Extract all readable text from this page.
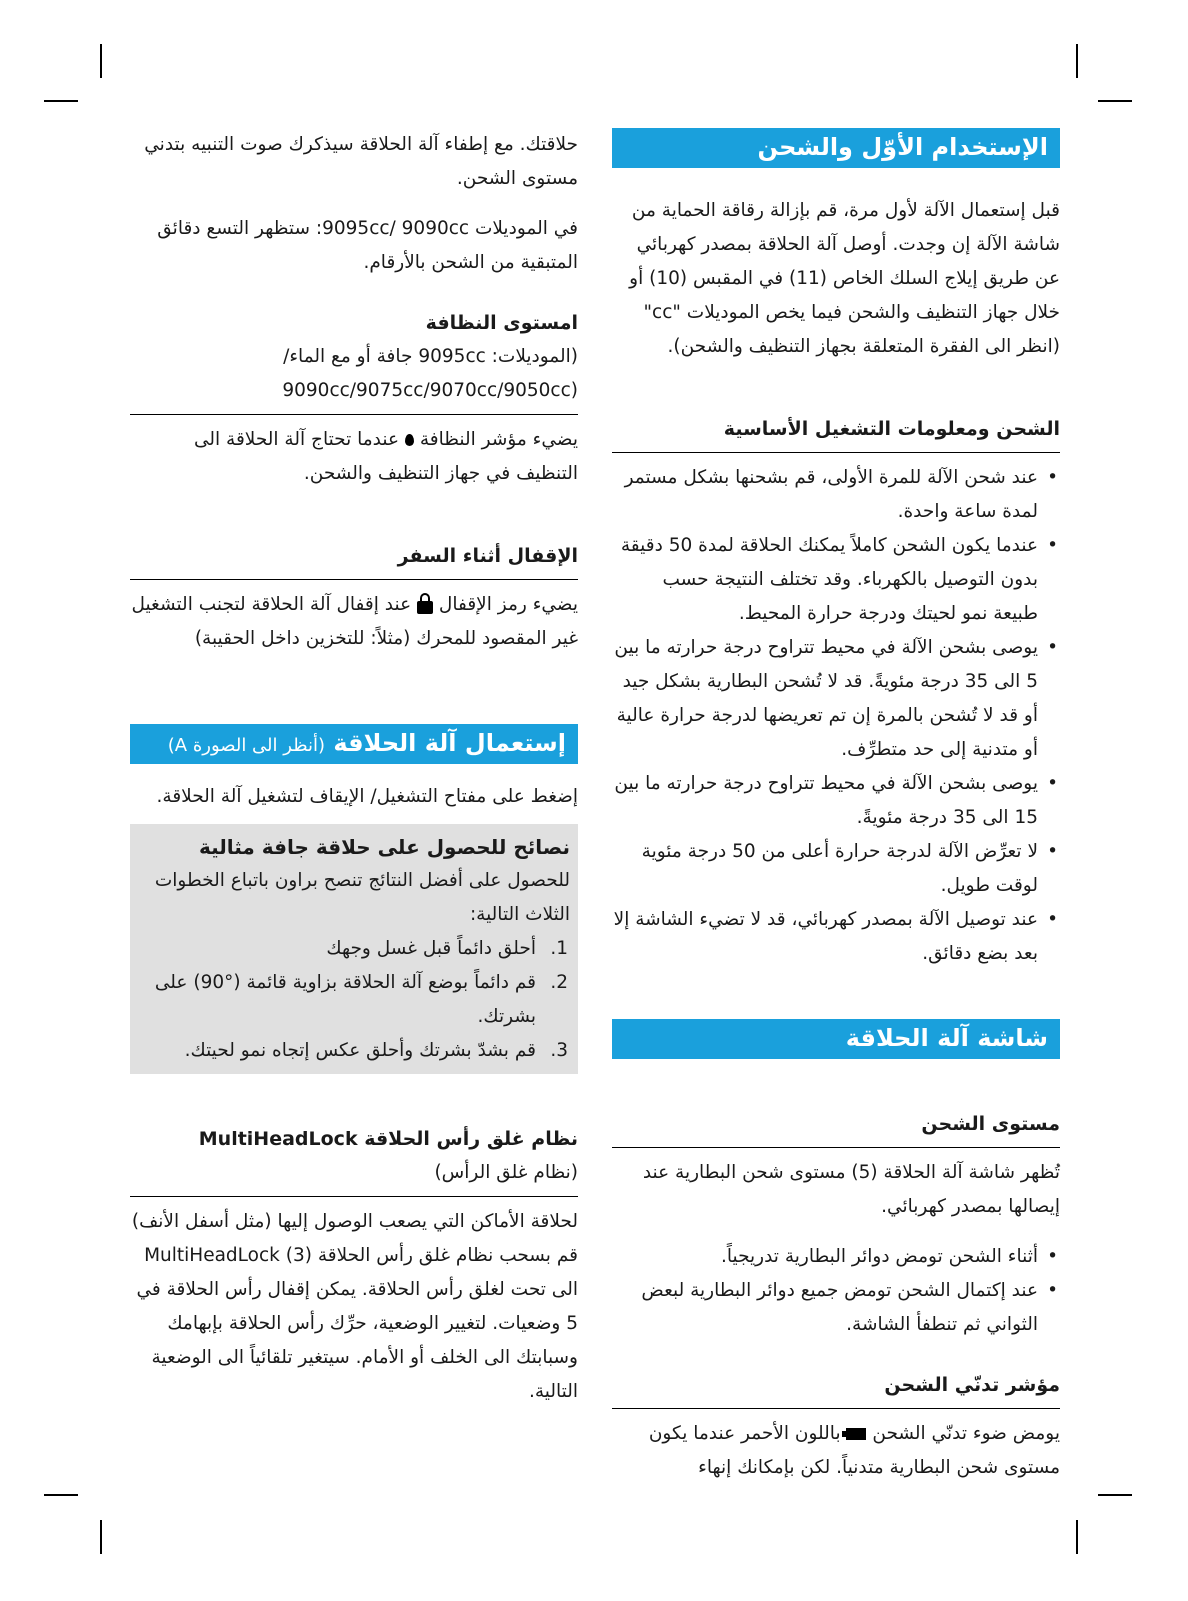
الإستخدام الأوّل والشحن

قبل إستعمال الآلة لأول مرة، قم بإزالة رقاقة الحماية من شاشة الآلة إن وجدت. أوصل آلة الحلاقة بمصدر كهربائي عن طريق إيلاج السلك الخاص (11) في المقبس (10) أو خلال جهاز التنظيف والشحن فيما يخص الموديلات "cc" (انظر الى الفقرة المتعلقة بجهاز التنظيف والشحن).

الشحن ومعلومات التشغيل الأساسية
• عند شحن الآلة للمرة الأولى، قم بشحنها بشكل مستمر لمدة ساعة واحدة.
• عندما يكون الشحن كاملاً يمكنك الحلاقة لمدة 50 دقيقة بدون التوصيل بالكهرباء. وقد تختلف النتيجة حسب طبيعة نمو لحيتك ودرجة حرارة المحيط.
• يوصى بشحن الآلة في محيط تتراوح درجة حرارته ما بين 5 الى 35 درجة مئويةً. قد لا تُشحن البطارية بشكل جيد أو قد لا تُشحن بالمرة إن تم تعريضها لدرجة حرارة عالية أو متدنية إلى حد متطرِّف.
• يوصى بشحن الآلة في محيط تتراوح درجة حرارته ما بين 15 الى 35 درجة مئويةً.
• لا تعرِّض الآلة لدرجة حرارة أعلى من 50 درجة مئوية لوقت طويل.
• عند توصيل الآلة بمصدر كهربائي، قد لا تضيء الشاشة إلا بعد بضع دقائق.
شاشة آلة الحلاقة
مستوى الشحن

تُظهر شاشة آلة الحلاقة (5) مستوى شحن البطارية عند إيصالها بمصدر كهربائي.

• أثناء الشحن تومض دوائر البطارية تدريجياً.
• عند إكتمال الشحن تومض جميع دوائر البطارية لبعض الثواني ثم تنطفأ الشاشة.
مؤشر تدنّي الشحن

يومض ضوء تدنّي الشحن  باللون الأحمر عندما يكون مستوى شحن البطارية متدنياً. لكن بإمكانك إنهاء

حلاقتك. مع إطفاء آلة الحلاقة سيذكرك صوت التنبيه بتدني مستوى الشحن.

في الموديلات 9095cc/ 9090cc: ستظهر التسع دقائق المتبقية من الشحن بالأرقام.

امستوى النظافة

(الموديلات: 9095cc جافة أو مع الماء/

(9090cc/9075cc/9070cc/9050cc

يضيء مؤشر النظافة  عندما تحتاج آلة الحلاقة الى التنظيف في جهاز التنظيف والشحن.

الإقفال أثناء السفر

يضيء رمز الإقفال  عند إقفال آلة الحلاقة لتجنب التشغيل غير المقصود للمحرك (مثلاً: للتخزين داخل الحقيبة)

إستعمال آلة الحلاقة (أنظر الى الصورة A)

إضغط على مفتاح التشغيل/ الإيقاف لتشغيل آلة الحلاقة.

نصائح للحصول على حلاقة جافة مثالية

للحصول على أفضل النتائج تنصح براون باتباع الخطوات الثلاث التالية:

1.
أحلق دائماً قبل غسل وجهك
2.
قم دائماً بوضع آلة الحلاقة بزاوية قائمة (°90) على بشرتك.
3.
قم بشدّ بشرتك وأحلق عكس إتجاه نمو لحيتك.
نظام غلق رأس الحلاقة MultiHeadLock

(نظام غلق الرأس)

لحلاقة الأماكن التي يصعب الوصول إليها (مثل أسفل الأنف) قم بسحب نظام غلق رأس الحلاقة (3) MultiHeadLock الى تحت لغلق رأس الحلاقة. يمكن إقفال رأس الحلاقة في 5 وضعيات. لتغيير الوضعية، حرِّك رأس الحلاقة بإبهامك وسبابتك الى الخلف أو الأمام. سيتغير تلقائياً الى الوضعية التالية.
